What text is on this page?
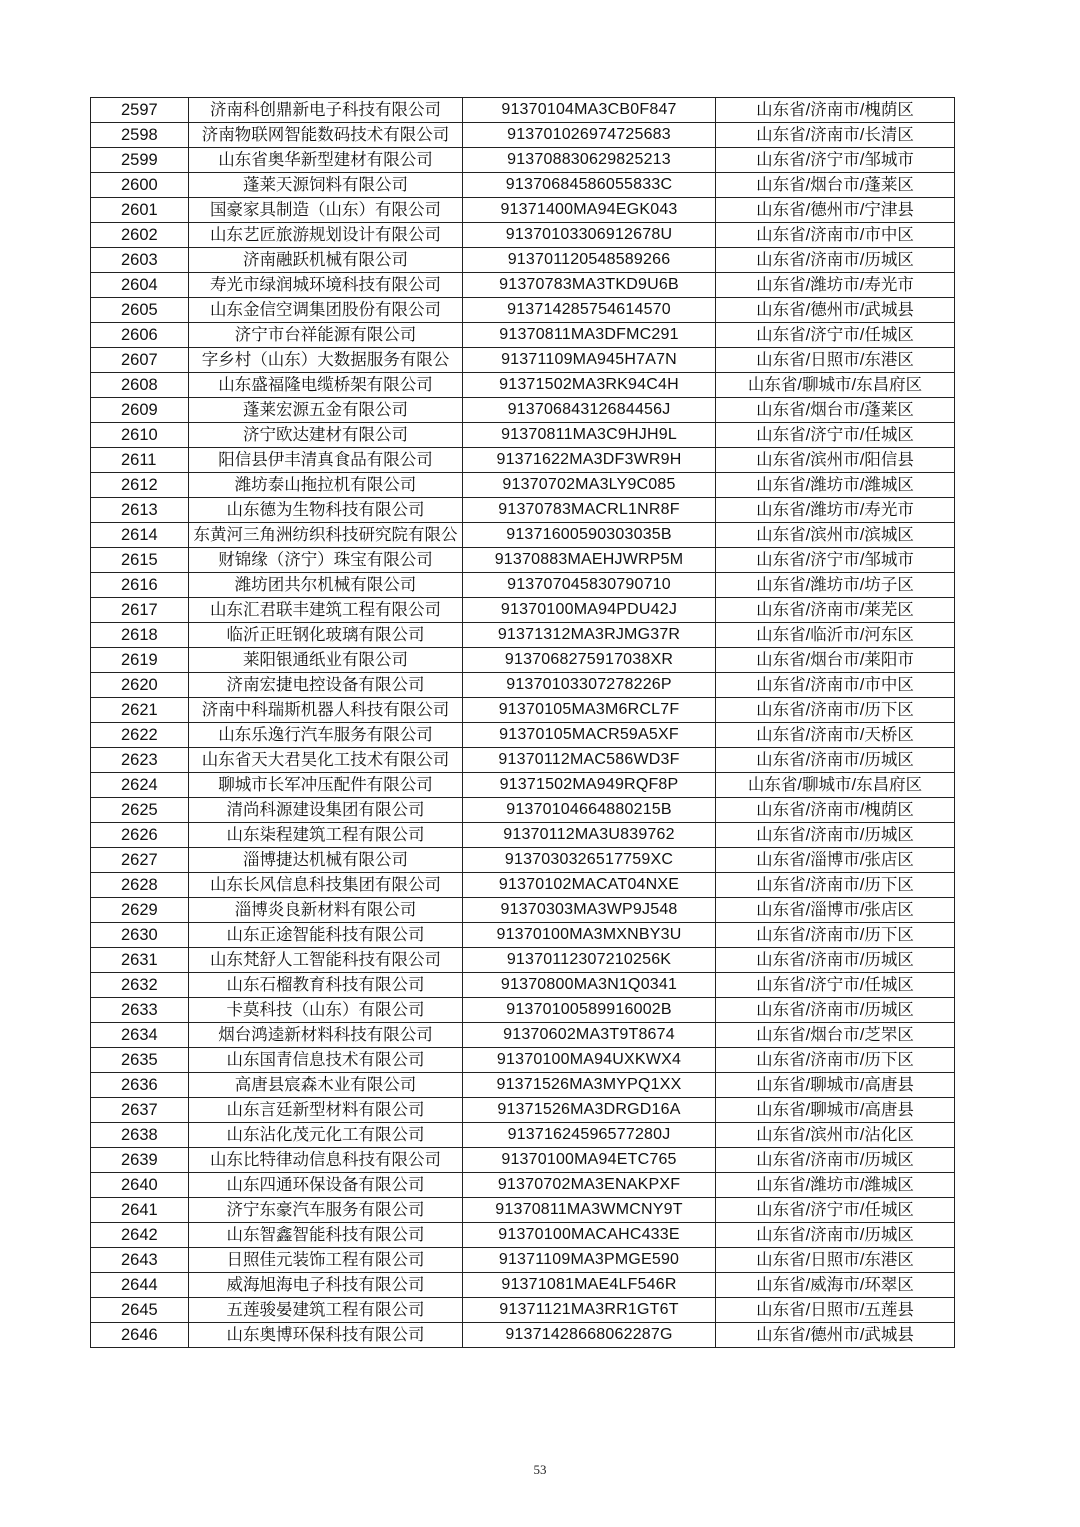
2597	济南科创鼎新电子科技有限公司	91370104MA3CB0F847	山东省/济南市/槐荫区
2598	济南物联网智能数码技术有限公司	913701026974725683	山东省/济南市/长清区
2599	山东省奥华新型建材有限公司	913708830629825213	山东省/济宁市/邹城市
2600	蓬莱天源饲料有限公司	91370684586055833C	山东省/烟台市/蓬莱区
2601	国豪家具制造（山东）有限公司	91371400MA94EGK043	山东省/德州市/宁津县
2602	山东艺匠旅游规划设计有限公司	91370103306912678U	山东省/济南市/市中区
2603	济南融跃机械有限公司	913701120548589266	山东省/济南市/历城区
2604	寿光市绿润城环境科技有限公司	91370783MA3TKD9U6B	山东省/潍坊市/寿光市
2605	山东金信空调集团股份有限公司	913714285754614570	山东省/德州市/武城县
2606	济宁市台祥能源有限公司	91370811MA3DFMC291	山东省/济宁市/任城区
2607	字乡村（山东）大数据服务有限公	91371109MA945H7A7N	山东省/日照市/东港区
2608	山东盛福隆电缆桥架有限公司	91371502MA3RK94C4H	山东省/聊城市/东昌府区
2609	蓬莱宏源五金有限公司	9137068431268445​6J	山东省/烟台市/蓬莱区
2610	济宁欧达建材有限公司	91370811MA3C9HJH9L	山东省/济宁市/任城区
2611	阳信县伊丰清真食品有限公司	91371622MA3DF3WR9H	山东省/滨州市/阳信县
2612	潍坊泰山拖拉机有限公司	91370702MA3LY9C085	山东省/潍坊市/潍城区
2613	山东德为生物科技有限公司	91370783MACRL1NR8F	山东省/潍坊市/寿光市
2614	东黄河三角洲纺织科技研究院有限公	91371600590303035B	山东省/滨州市/滨城区
2615	财锦缘（济宁）珠宝有限公司	91370883MAEHJWRP5M	山东省/济宁市/邹城市
2616	潍坊团共尔机械有限公司	913707045830790710	山东省/潍坊市/坊子区
2617	山东汇君联丰建筑工程有限公司	91370100MA94PDU42J	山东省/济南市/莱芜区
2618	临沂正旺钢化玻璃有限公司	91371312MA3RJMG37R	山东省/临沂市/河东区
2619	莱阳银通纸业有限公司	9137068275917038XR	山东省/烟台市/莱阳市
2620	济南宏捷电控设备有限公司	91370103307278226P	山东省/济南市/市中区
2621	济南中科瑞斯机器人科技有限公司	91370105MA3M6RCL7F	山东省/济南市/历下区
2622	山东乐逸行汽车服务有限公司	91370105MACR59A5XF	山东省/济南市/天桥区
2623	山东省天大君昊化工技术有限公司	91370112MAC586WD3F	山东省/济南市/历城区
2624	聊城市长军冲压配件有限公司	91371502MA949RQF8P	山东省/聊城市/东昌府区
2625	清尚科源建设集团有限公司	91370104664880215B	山东省/济南市/槐荫区
2626	山东柒程建筑工程有限公司	91370112MA3U839762	山东省/济南市/历城区
2627	淄博捷达机械有限公司	9137030326517759XC	山东省/淄博市/张店区
2628	山东长风信息科技集团有限公司	91370102MACAT04NXE	山东省/济南市/历下区
2629	淄博炎良新材料有限公司	91370303MA3WP9J548	山东省/淄博市/张店区
2630	山东正途智能科技有限公司	91370100MA3MXNBY3U	山东省/济南市/历下区
2631	山东梵舒人工智能科技有限公司	91370112307210256K	山东省/济南市/历城区
2632	山东石榴教育科技有限公司	91370800MA3N1Q0341	山东省/济宁市/任城区
2633	卡莫科技（山东）有限公司	91370100589916002B	山东省/济南市/历城区
2634	烟台鸿逵新材料科技有限公司	91370602MA3T9T8674	山东省/烟台市/芝罘区
2635	山东国青信息技术有限公司	91370100MA94UXKWX4	山东省/济南市/历下区
2636	高唐县宸森木业有限公司	91371526MA3MYPQ1XX	山东省/聊城市/高唐县
2637	山东言廷新型材料有限公司	91371526MA3DRGD16A	山东省/聊城市/高唐县
2638	山东沾化茂元化工有限公司	91371624596577280J	山东省/滨州市/沾化区
2639	山东比特律动信息科技有限公司	91370100MA94ETC765	山东省/济南市/历城区
2640	山东四通环保设备有限公司	91370702MA3ENAKPXF	山东省/潍坊市/潍城区
2641	济宁东豪汽车服务有限公司	91370811MA3WMCNY9T	山东省/济宁市/任城区
2642	山东智鑫智能科技有限公司	91370100MACAHC433E	山东省/济南市/历城区
2643	日照佳元装饰工程有限公司	91371109MA3PMGE590	山东省/日照市/东港区
2644	威海旭海电子科技有限公司	91371081MAE4LF546R	山东省/威海市/环翠区
2645	五莲骏晏建筑工程有限公司	91371121MA3RR1GT6T	山东省/日照市/五莲县
2646	山东奥博环保科技有限公司	91371428668062287G	山东省/德州市/武城县
53
